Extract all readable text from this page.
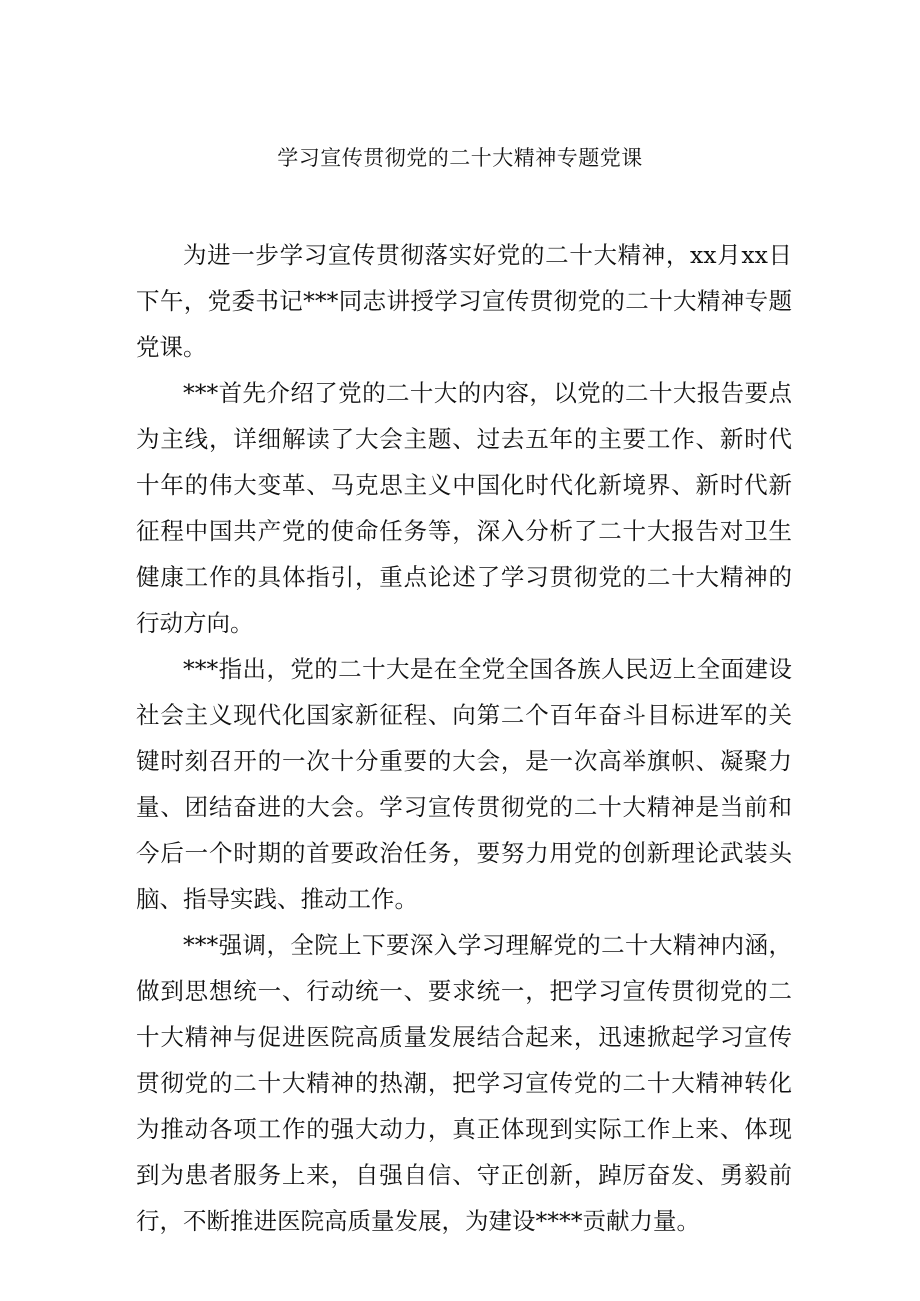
学习宣传贯彻党的二十大精神专题党课

为进一步学习宣传贯彻落实好党的二十大精神，xx月xx日下午，党委书记***同志讲授学习宣传贯彻党的二十大精神专题党课。

***首先介绍了党的二十大的内容，以党的二十大报告要点为主线，详细解读了大会主题、过去五年的主要工作、新时代十年的伟大变革、马克思主义中国化时代化新境界、新时代新征程中国共产党的使命任务等，深入分析了二十大报告对卫生健康工作的具体指引，重点论述了学习贯彻党的二十大精神的行动方向。

***指出，党的二十大是在全党全国各族人民迈上全面建设社会主义现代化国家新征程、向第二个百年奋斗目标进军的关键时刻召开的一次十分重要的大会，是一次高举旗帜、凝聚力量、团结奋进的大会。学习宣传贯彻党的二十大精神是当前和今后一个时期的首要政治任务，要努力用党的创新理论武装头脑、指导实践、推动工作。

***强调，全院上下要深入学习理解党的二十大精神内涵，做到思想统一、行动统一、要求统一，把学习宣传贯彻党的二十大精神与促进医院高质量发展结合起来，迅速掀起学习宣传贯彻党的二十大精神的热潮，把学习宣传党的二十大精神转化为推动各项工作的强大动力，真正体现到实际工作上来、体现到为患者服务上来，自强自信、守正创新，踔厉奋发、勇毅前行，不断推进医院高质量发展，为建设****贡献力量。
